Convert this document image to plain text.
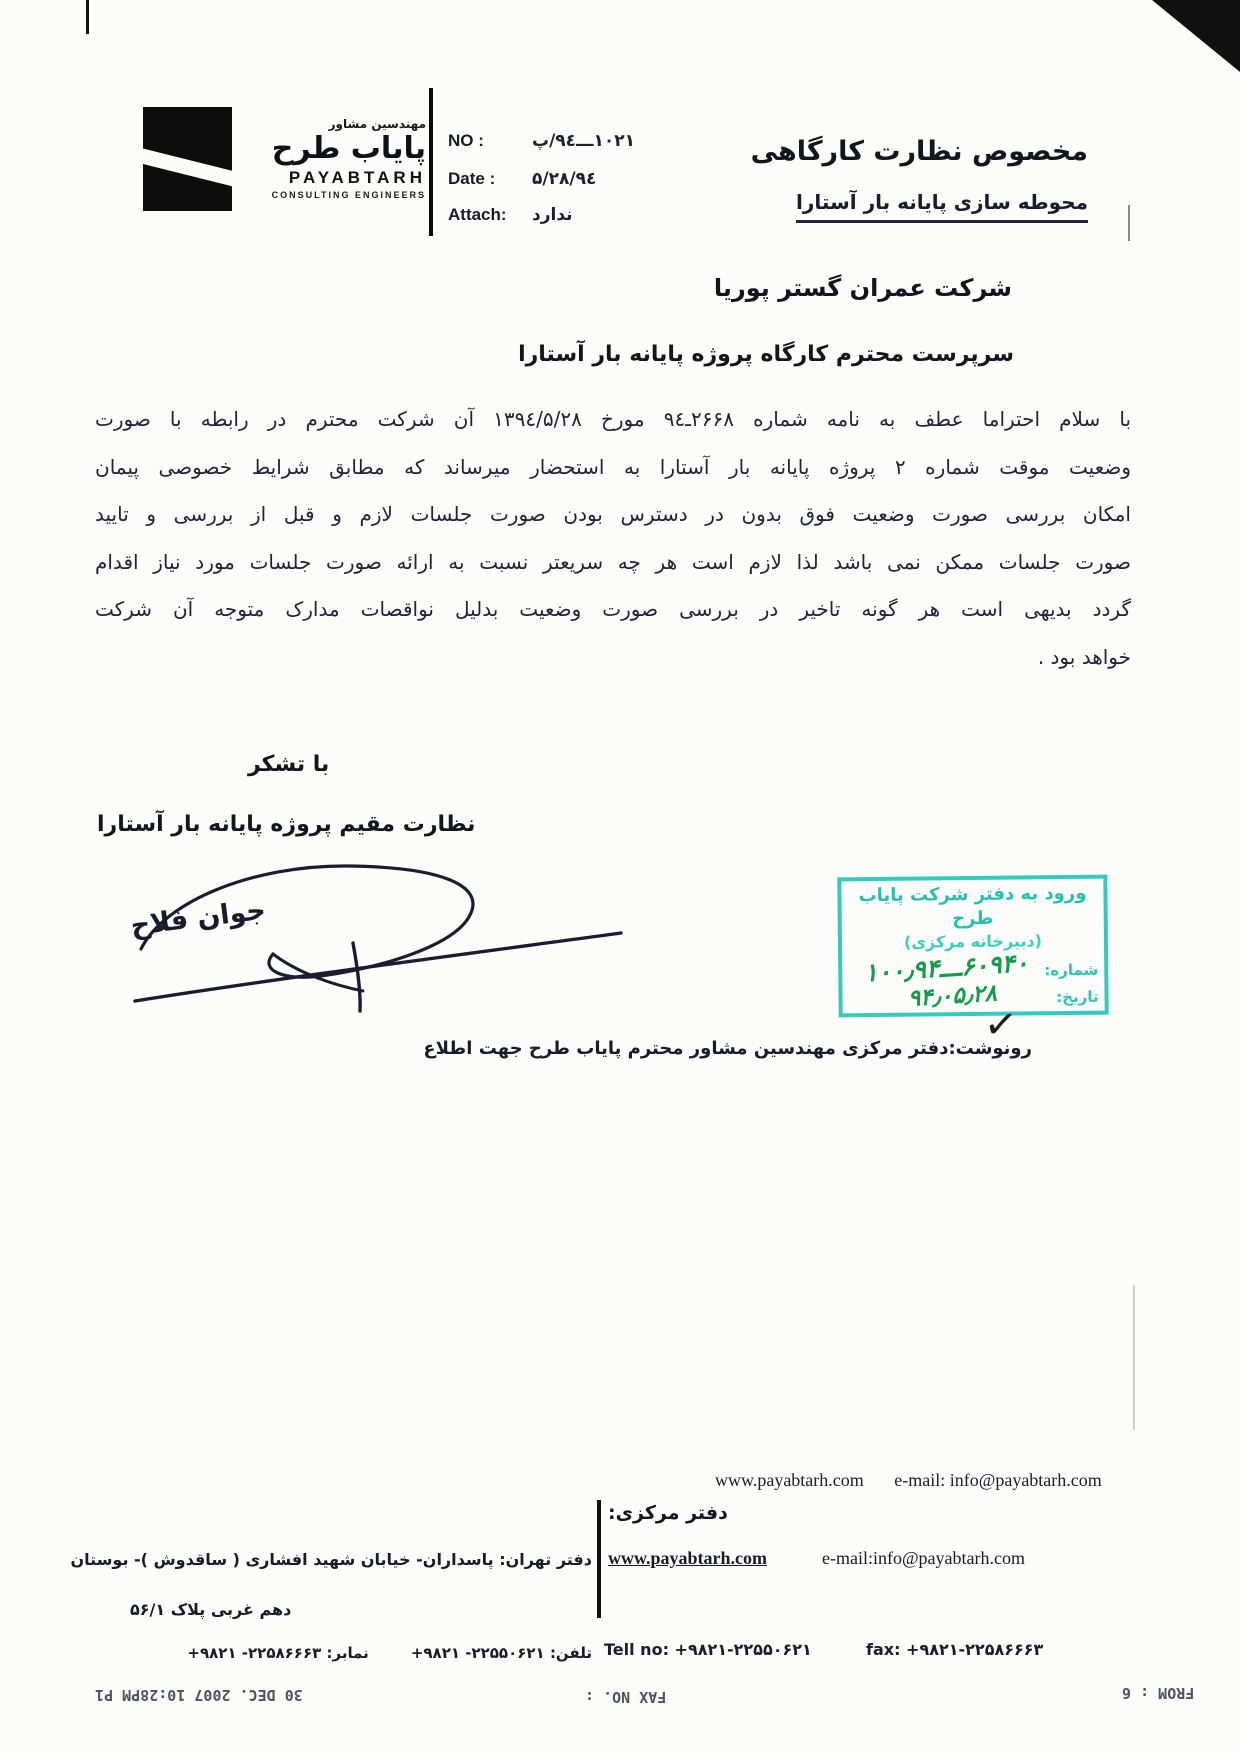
مهندسین مشاور
پایاب طرح
PAYABTARH
CONSULTING ENGINEERS
NO :	۱۰۲۱ـــ۹٤/پ
Date :	۹٤/۵/۲۸
Attach:	ندارد
مخصوص نظارت کارگاهی
محوطه سازی پایانه بار آستارا
شرکت عمران گستر پوریا
سرپرست محترم کارگاه پروژه پایانه بار آستارا
با سلام احتراما عطف به نامه شماره ۲۶۶۸ـ۹٤ مورخ ۱۳۹٤/۵/۲۸ آن شرکت محترم در رابطه با صورت
وضعیت موقت شماره ۲ پروژه پایانه بار آستارا به استحضار میرساند که مطابق شرایط خصوصی پیمان
امکان بررسی صورت وضعیت فوق بدون در دسترس بودن صورت جلسات لازم و قبل از بررسی و تایید
صورت جلسات ممکن نمی باشد لذا لازم است هر چه سریعتر نسبت به ارائه صورت جلسات مورد نیاز اقدام
گردد بدیهی است هر گونه تاخیر در بررسی صورت وضعیت بدلیل نواقصات مدارک متوجه آن شرکت
خواهد بود .
با تشکر
نظارت مقیم پروژه پایانه بار آستارا
جوان فلاح
ورود به دفتر شرکت پایاب طرح
(دبیرخانه مرکزی)
شماره:
۶۰۹۴۰ـــ۱۰۰٫۹۴
تاریخ:
۹۴٫۰۵٫۲۸
✓
رونوشت:دفتر مرکزی مهندسین مشاور محترم پایاب طرح جهت اطلاع
www.payabtarh.com e-mail: info@payabtarh.com
دفتر مرکزی:
www.payabtarh.com	e-mail:info@payabtarh.com
دفتر تهران: پاسداران- خیابان شهید افشاری ( ساقدوش )- بوستان
دهم غربی پلاک ۵۶/۱
تلفن: +۹۸۲۱ -۲۲۵۵۰۶۲۱
نمابر: +۹۸۲۱ -۲۲۵۸۶۶۶۳	Tell no: +۹۸۲۱-۲۲۵۵۰۶۲۱	fax: +۹۸۲۱-۲۲۵۸۶۶۶۳
30 DEC. 2007 10:28PM P1	FAX NO. :	FROM : 6
